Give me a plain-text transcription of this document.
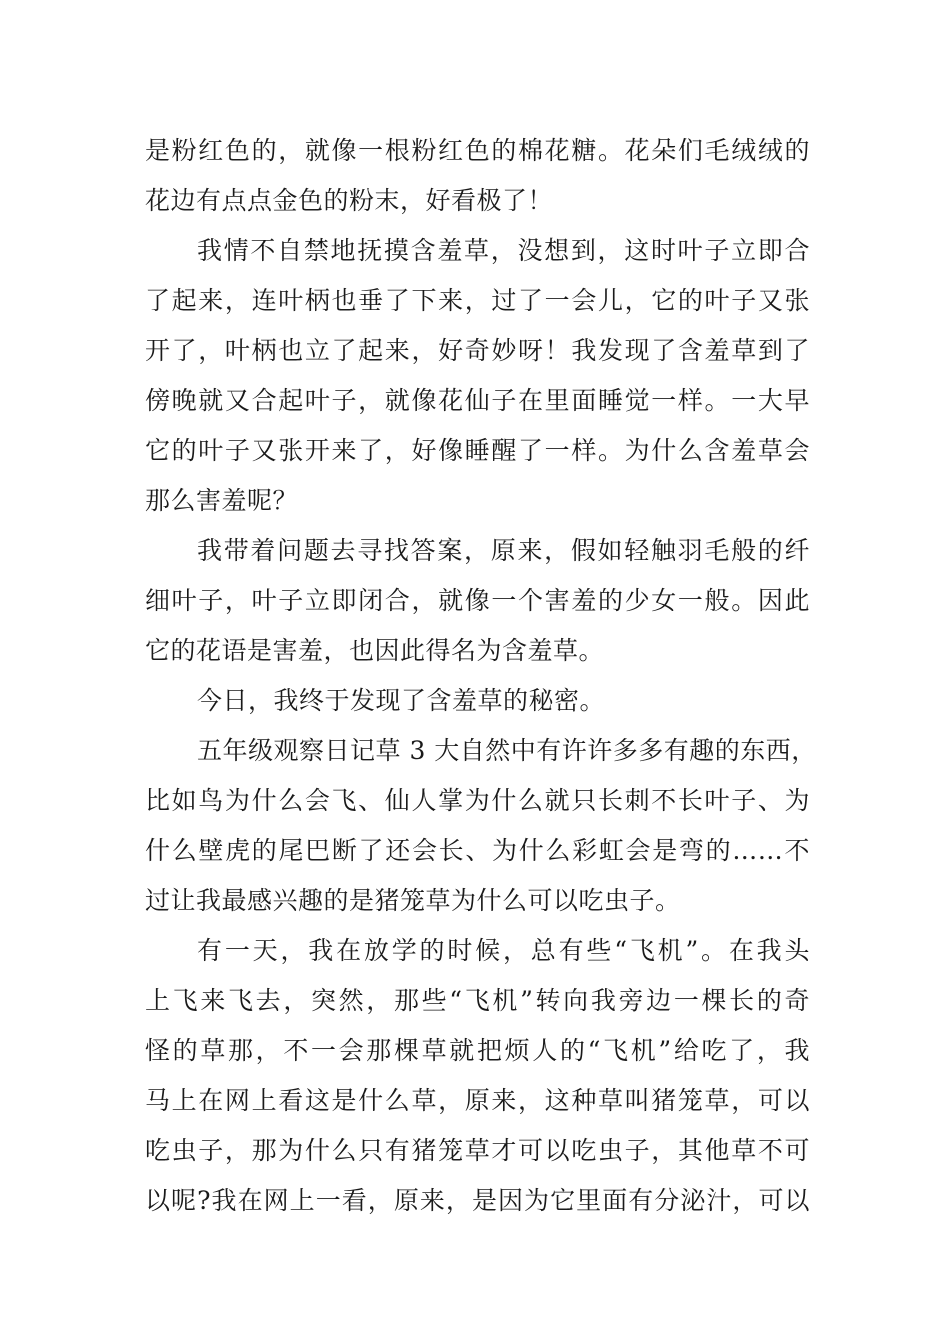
是粉红色的，就像一根粉红色的棉花糖。花朵们毛绒绒的
花边有点点金色的粉末，好看极了！
我情不自禁地抚摸含羞草，没想到，这时叶子立即合
了起来，连叶柄也垂了下来，过了一会儿，它的叶子又张
开了，叶柄也立了起来，好奇妙呀！我发现了含羞草到了
傍晚就又合起叶子，就像花仙子在里面睡觉一样。一大早
它的叶子又张开来了，好像睡醒了一样。为什么含羞草会
那么害羞呢？
我带着问题去寻找答案，原来，假如轻触羽毛般的纤
细叶子，叶子立即闭合，就像一个害羞的少女一般。因此
它的花语是害羞，也因此得名为含羞草。
今日，我终于发现了含羞草的秘密。
五年级观察日记草 3 大自然中有许许多多有趣的东西，
比如鸟为什么会飞、仙人掌为什么就只长刺不长叶子、为
什么壁虎的尾巴断了还会长、为什么彩虹会是弯的……不
过让我最感兴趣的是猪笼草为什么可以吃虫子。
有一天，我在放学的时候，总有些“飞机”。在我头
上飞来飞去，突然，那些“飞机”转向我旁边一棵长的奇
怪的草那，不一会那棵草就把烦人的“飞机”给吃了，我
马上在网上看这是什么草，原来，这种草叫猪笼草，可以
吃虫子，那为什么只有猪笼草才可以吃虫子，其他草不可
以呢?我在网上一看，原来，是因为它里面有分泌汁，可以
